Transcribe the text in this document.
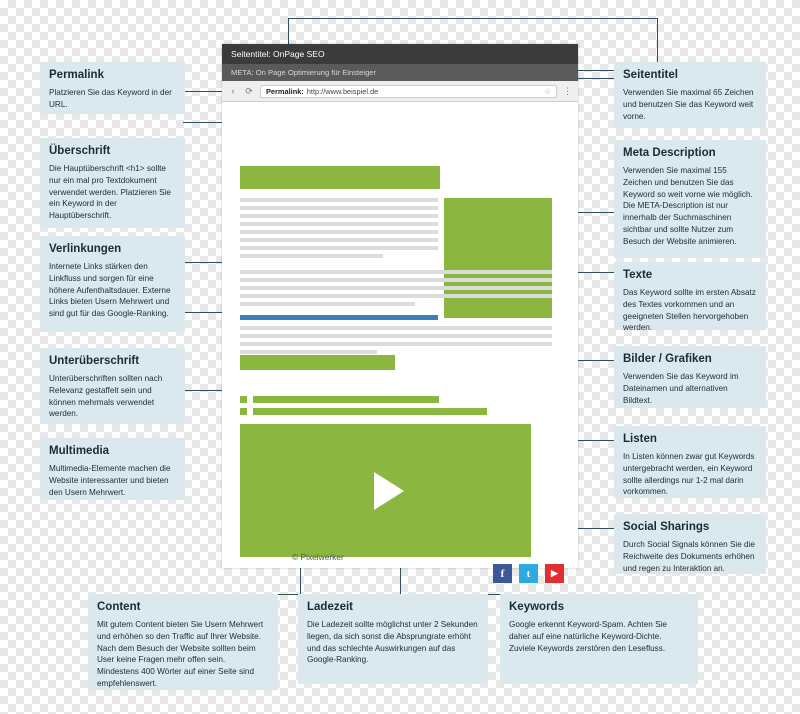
Permalink
Platzieren Sie das Keyword in der URL.
Überschrift
Die Hauptüberschrift <h1> sollte nur ein mal pro Textdokument verwendet werden. Platzieren Sie ein Keyword in der Hauptüberschrift.
Verlinkungen
Internete Links stärken den Linkfluss und sorgen für eine höhere Aufenthaltsdauer. Externe Links bieten Usern Mehrwert und sind gut für das Google-Ranking.
Unterüberschrift
Unterüberschriften sollten nach Relevanz gestaffelt sein und können mehrmals verwendet werden.
Multimedia
Multimedia-Elemente machen die Website interessanter und bieten den Usern Mehrwert.
Seitentitel
Verwenden Sie maximal 65 Zeichen und benutzen Sie das Keyword weit vorne.
Meta Description
Verwenden Sie maximal 155 Zeichen und benutzen Sie das Keyword so weit vorne wie möglich. Die META-Description ist nur innerhalb der Suchmaschinen sichtbar und sollte Nutzer zum Besuch der Website animieren.
Texte
Das Keyword sollte im ersten Absatz des Textes vorkommen und an geeigneten Stellen hervorgehoben werden.
Bilder / Grafiken
Verwenden Sie das Keyword im Dateinamen und alternativen Bildtext.
Listen
In Listen können zwar gut Keywords untergebracht werden, ein Keyword sollte allerdings nur 1-2 mal darin vorkommen.
Social Sharings
Durch Social Signals können Sie die Reichweite des Dokuments erhöhen und regen zu Interaktion an.
Content
Mit gutem Content bieten Sie Usern Mehrwert und erhöhen so den Traffic auf Ihrer Website. Nach dem Besuch der Website sollten beim User keine Fragen mehr offen sein. Mindestens 400 Wörter auf einer Seite sind empfehlenswert.
Ladezeit
Die Ladezeit sollte möglichst unter 2 Sekunden liegen, da sich sonst die Absprungrate erhöht und das schlechte Auswirkungen auf das Google-Ranking.
Keywords
Google erkennt Keyword-Spam. Achten Sie daher auf eine natürliche Keyword-Dichte. Zuviele Keywords zerstören den Lesefluss.
Seitentitel: OnPage SEO
META: On Page Optimierung für Einsteiger
‹	⟳ Permalink: http://www.beispiel.de	☆ ⋮
f	t	▶
© Pixelwerker
